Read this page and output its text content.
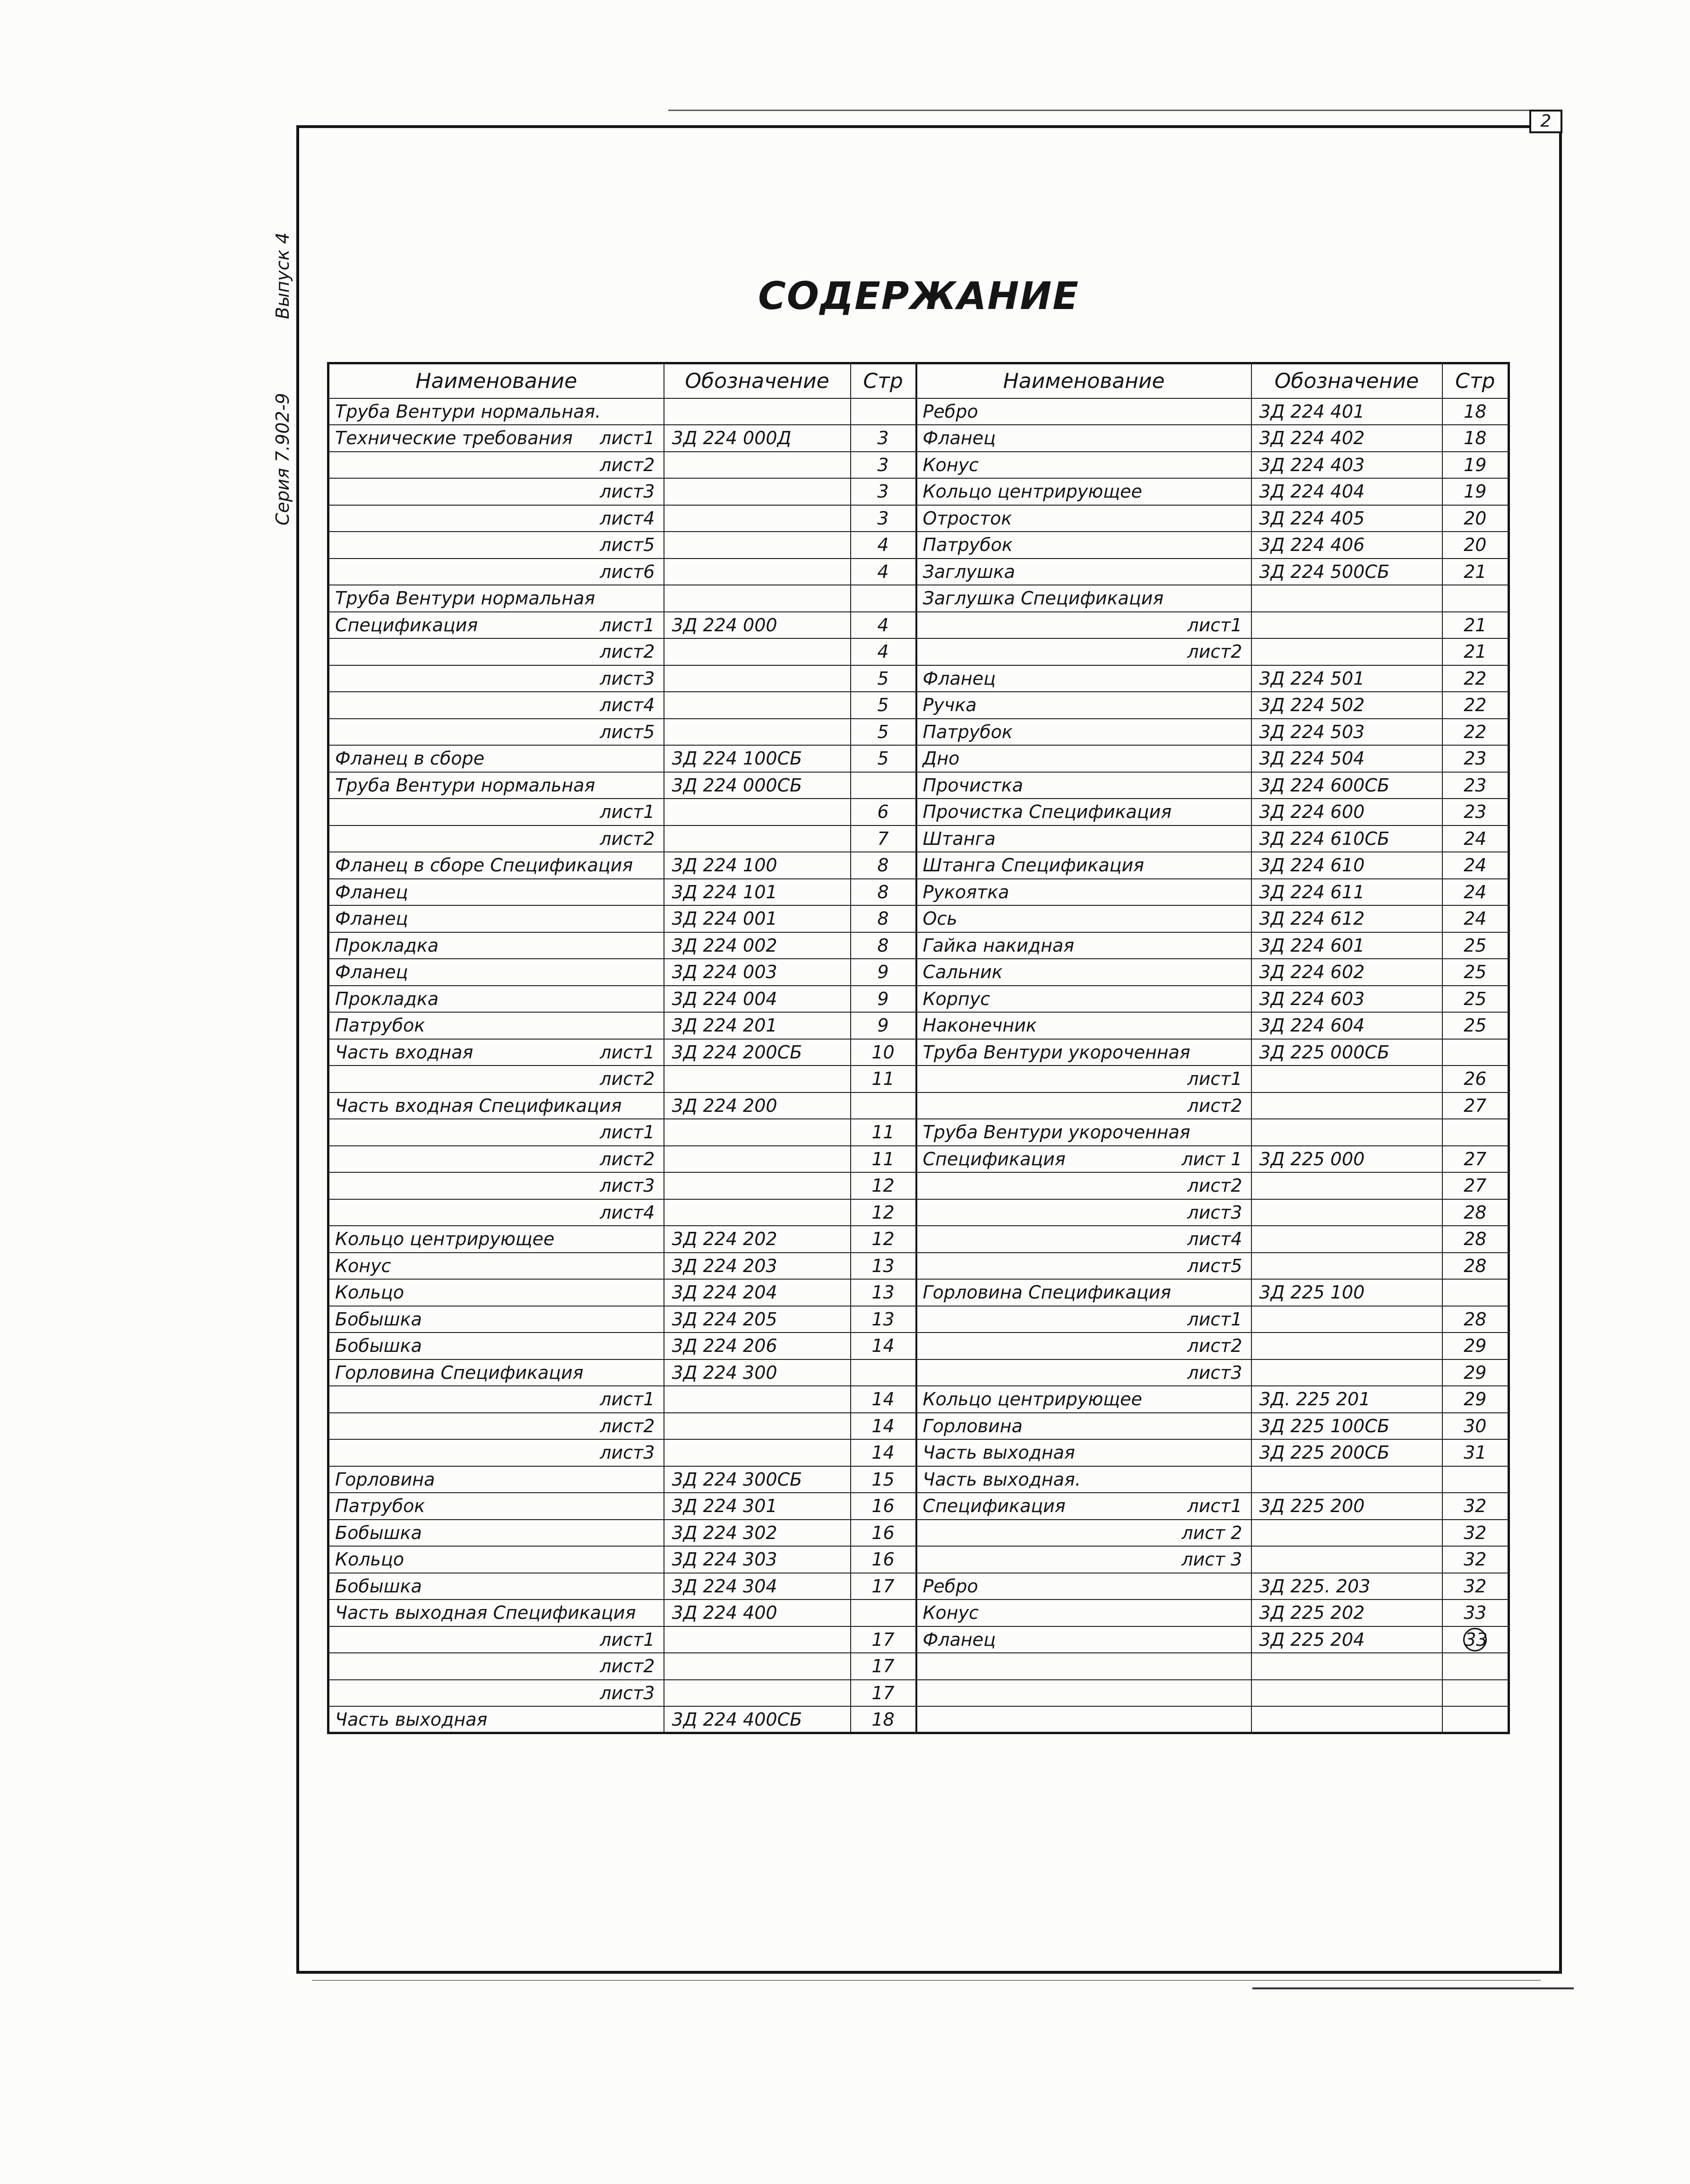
2
Серия 7.902-9
Выпуск 4	СОДЕРЖАНИЕ
Наименование	Обозначение	Стр	Наименование	Обозначение	Стр

Труба Вентури нормальная.			Ребро	3Д 224 401	18

Технические требования лист1	3Д 224 000Д	3	Фланец	3Д 224 402	18

лист2		3	Конус	3Д 224 403	19

лист3		3	Кольцо центрирующее	3Д 224 404	19

лист4		3	Отросток	3Д 224 405	20

лист5		4	Патрубок	3Д 224 406	20

лист6		4	Заглушка	3Д 224 500СБ	21

Труба Вентури нормальная			Заглушка Спецификация		

Спецификация лист1	3Д 224 000	4	лист1		21

лист2		4	лист2		21

лист3		5	Фланец	3Д 224 501	22

лист4		5	Ручка	3Д 224 502	22

лист5		5	Патрубок	3Д 224 503	22

Фланец в сборе	3Д 224 100СБ	5	Дно	3Д 224 504	23

Труба Вентури нормальная	3Д 224 000СБ		Прочистка	3Д 224 600СБ	23

лист1		6	Прочистка Спецификация	3Д 224 600	23

лист2		7	Штанга	3Д 224 610СБ	24

Фланец в сборе Спецификация	3Д 224 100	8	Штанга Спецификация	3Д 224 610	24

Фланец	3Д 224 101	8	Рукоятка	3Д 224 611	24

Фланец	3Д 224 001	8	Ось	3Д 224 612	24

Прокладка	3Д 224 002	8	Гайка накидная	3Д 224 601	25

Фланец	3Д 224 003	9	Сальник	3Д 224 602	25

Прокладка	3Д 224 004	9	Корпус	3Д 224 603	25

Патрубок	3Д 224 201	9	Наконечник	3Д 224 604	25

Часть входная лист1	3Д 224 200СБ	10	Труба Вентури укороченная	3Д 225 000СБ	

лист2		11	лист1		26

Часть входная Спецификация	3Д 224 200		лист2		27

лист1		11	Труба Вентури укороченная		

лист2		11	Спецификация лист 1	3Д 225 000	27

лист3		12	лист2		27

лист4		12	лист3		28

Кольцо центрирующее	3Д 224 202	12	лист4		28

Конус	3Д 224 203	13	лист5		28

Кольцо	3Д 224 204	13	Горловина Спецификация	3Д 225 100	

Бобышка	3Д 224 205	13	лист1		28

Бобышка	3Д 224 206	14	лист2		29

Горловина Спецификация	3Д 224 300		лист3		29

лист1		14	Кольцо центрирующее	3Д. 225 201	29

лист2		14	Горловина	3Д 225 100СБ	30

лист3		14	Часть выходная	3Д 225 200СБ	31

Горловина	3Д 224 300СБ	15	Часть выходная.		

Патрубок	3Д 224 301	16	Спецификация лист1	3Д 225 200	32

Бобышка	3Д 224 302	16	лист 2		32

Кольцо	3Д 224 303	16	лист 3		32

Бобышка	3Д 224 304	17	Ребро	3Д 225. 203	32

Часть выходная Спецификация	3Д 224 400		Конус	3Д 225 202	33

лист1		17	Фланец	3Д 225 204	33

лист2		17	

лист3		17	

Часть выходная	3Д 224 400СБ	18	
